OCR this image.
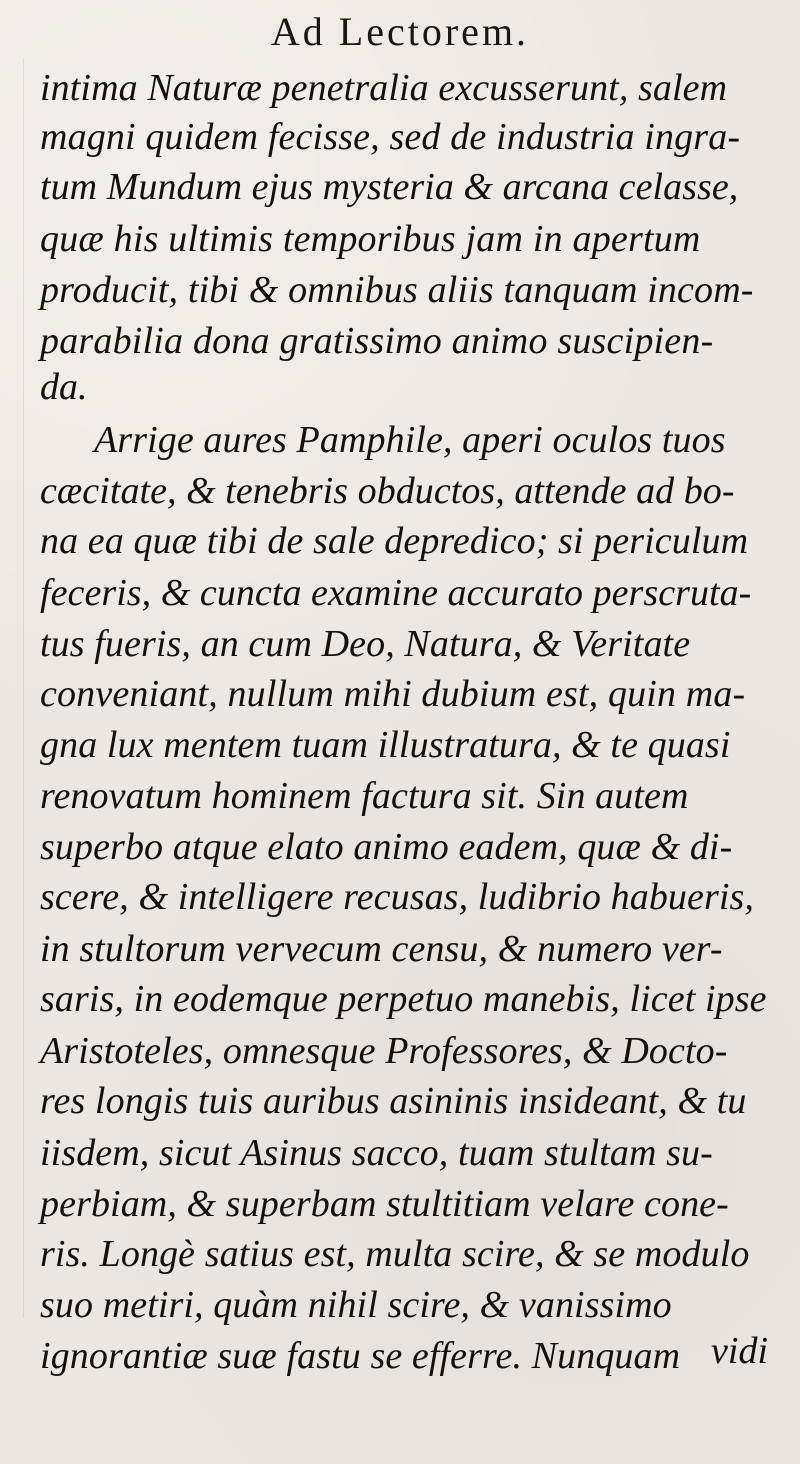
Ad Lectorem.
intima Naturæ penetralia excusserunt, salem
magni quidem fecisse, sed de industria ingra-
tum Mundum ejus mysteria & arcana celasse,
quæ his ultimis temporibus jam in apertum
producit, tibi & omnibus aliis tanquam incom-
parabilia dona gratissimo animo suscipien-
da.
Arrige aures Pamphile, aperi oculos tuos
cæcitate, & tenebris obductos, attende ad bo-
na ea quæ tibi de sale depredico; si periculum
feceris, & cuncta examine accurato perscruta-
tus fueris, an cum Deo, Natura, & Veritate
conveniant, nullum mihi dubium est, quin ma-
gna lux mentem tuam illustratura, & te quasi
renovatum hominem factura sit. Sin autem
superbo atque elato animo eadem, quæ & di-
scere, & intelligere recusas, ludibrio habueris,
in stultorum vervecum censu, & numero ver-
saris, in eodemque perpetuo manebis, licet ipse
Aristoteles, omnesque Professores, & Docto-
res longis tuis auribus asininis insideant, & tu
iisdem, sicut Asinus sacco, tuam stultam su-
perbiam, & superbam stultitiam velare cone-
ris. Longè satius est, multa scire, & se modulo
suo metiri, quàm nihil scire, & vanissimo
ignorantiæ suæ fastu se efferre. Nunquam vidi
